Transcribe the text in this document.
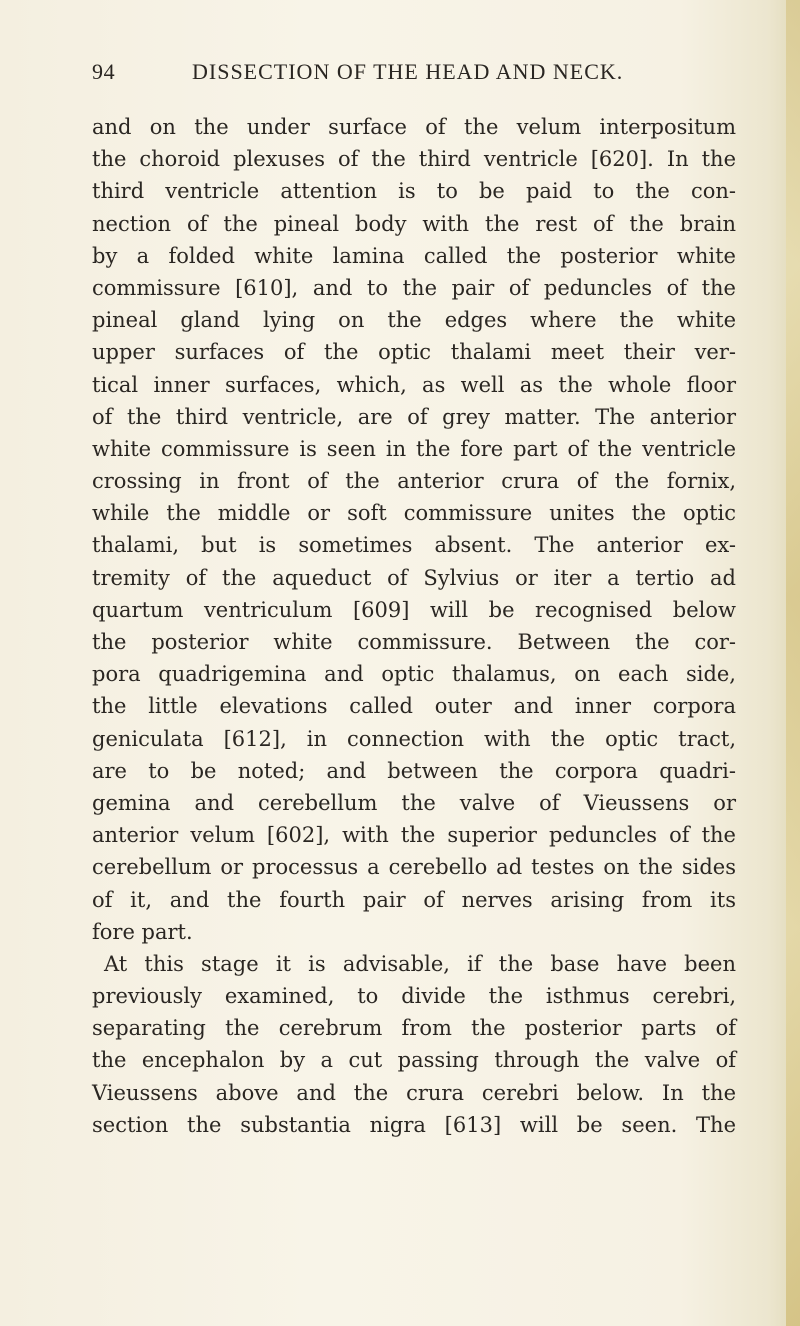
94	DISSECTION OF THE HEAD AND NECK.
and on the under surface of the velum interpositum
the choroid plexuses of the third ventricle [620]. In the
third ventricle attention is to be paid to the con-
nection of the pineal body with the rest of the brain
by a folded white lamina called the posterior white
commissure [610], and to the pair of peduncles of the
pineal gland lying on the edges where the white
upper surfaces of the optic thalami meet their ver-
tical inner surfaces, which, as well as the whole floor
of the third ventricle, are of grey matter. The anterior
white commissure is seen in the fore part of the ventricle
crossing in front of the anterior crura of the fornix,
while the middle or soft commissure unites the optic
thalami, but is sometimes absent. The anterior ex-
tremity of the aqueduct of Sylvius or iter a tertio ad
quartum ventriculum [609] will be recognised below
the posterior white commissure. Between the cor-
pora quadrigemina and optic thalamus, on each side,
the little elevations called outer and inner corpora
geniculata [612], in connection with the optic tract,
are to be noted; and between the corpora quadri-
gemina and cerebellum the valve of Vieussens or
anterior velum [602], with the superior peduncles of the
cerebellum or processus a cerebello ad testes on the sides
of it, and the fourth pair of nerves arising from its
fore part.
At this stage it is advisable, if the base have been
previously examined, to divide the isthmus cerebri,
separating the cerebrum from the posterior parts of
the encephalon by a cut passing through the valve of
Vieussens above and the crura cerebri below. In the
section the substantia nigra [613] will be seen. The
